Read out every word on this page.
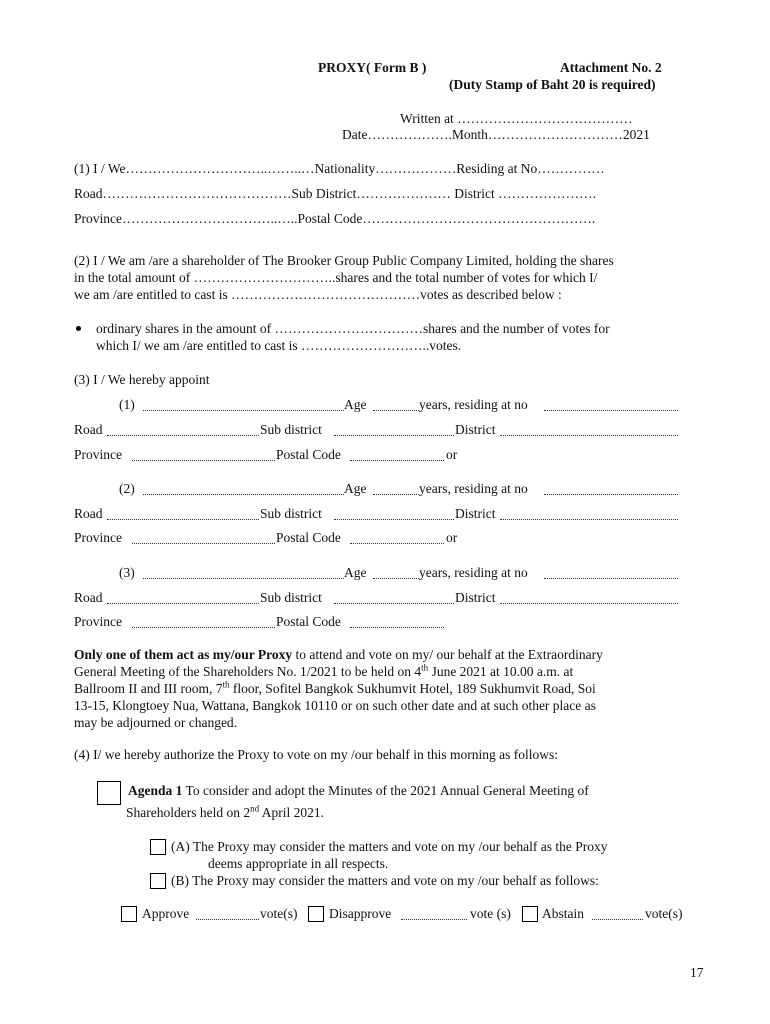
PROXY( Form B )	Attachment No. 2
(Duty Stamp of Baht 20 is required)
Written at …………………………………
Date……………….Month…………………………2021
(1) I / We…………………………..……..…Nationality………………Residing at No……………
Road……………………………………Sub District………………… District ………………….
Province……………………………..…..Postal Code…………………………………………….
(2) I / We am /are a shareholder of The Brooker Group Public Company Limited, holding the shares
in the total amount of …………………………..shares and the total number of votes for which I/
we am /are entitled to cast is ……………………………………votes as described below :
ordinary shares in the amount of ……………………………shares and the number of votes for
which I/ we am /are entitled to cast is ………………………..votes.
(3) I / We hereby appoint
(1)	Age	years, residing at no
Road	Sub district	District
Province	Postal Code	or
(2)	Age	years, residing at no
Road	Sub district	District
Province	Postal Code	or
(3)	Age	years, residing at no
Road	Sub district	District
Province	Postal Code
Only one of them act as my/our Proxy to attend and vote on my/ our behalf at the Extraordinary
General Meeting of the Shareholders No. 1/2021 to be held on 4th June 2021 at 10.00 a.m. at
Ballroom II and III room, 7th floor, Sofitel Bangkok Sukhumvit Hotel, 189 Sukhumvit Road, Soi
13-15, Klongtoey Nua, Wattana, Bangkok 10110 or on such other date and at such other place as
may be adjourned or changed.
(4) I/ we hereby authorize the Proxy to vote on my /our behalf in this morning as follows:
Agenda 1 To consider and adopt the Minutes of the 2021 Annual General Meeting of
Shareholders held on 2nd April 2021.
(A) The Proxy may consider the matters and vote on my /our behalf as the Proxy
deems appropriate in all respects.
(B) The Proxy may consider the matters and vote on my /our behalf as follows:
Approve	vote(s) Disapprove	vote (s) Abstain	vote(s)
17
